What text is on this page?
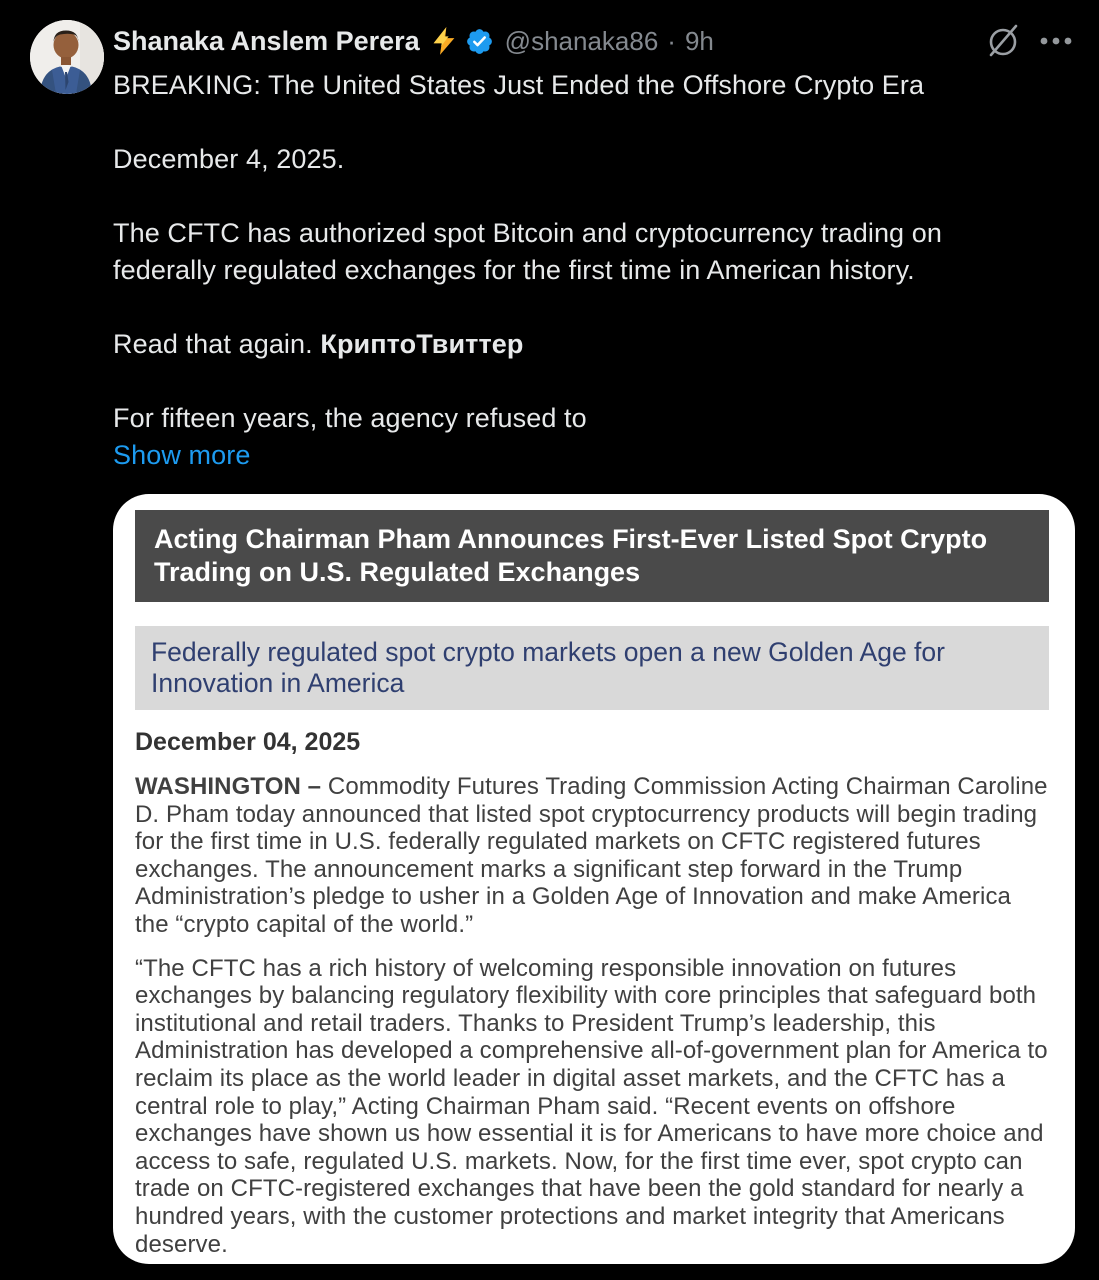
Shanaka Anslem Perera	@shanaka86 · 9h

BREAKING: The United States Just Ended the Offshore Crypto Era

December 4, 2025.

The CFTC has authorized spot Bitcoin and cryptocurrency trading on federally regulated exchanges for the first time in American history.

Read that again. КриптоТвиттер

For fifteen years, the agency refused to

Show more
Acting Chairman Pham Announces First-Ever Listed Spot Crypto Trading on U.S. Regulated Exchanges
Federally regulated spot crypto markets open a new Golden Age for Innovation in America
December 04, 2025

WASHINGTON – Commodity Futures Trading Commission Acting Chairman Caroline D. Pham today announced that listed spot cryptocurrency products will begin trading for the first time in U.S. federally regulated markets on CFTC registered futures exchanges. The announcement marks a significant step forward in the Trump Administration’s pledge to usher in a Golden Age of Innovation and make America the “crypto capital of the world.”

“The CFTC has a rich history of welcoming responsible innovation on futures exchanges by balancing regulatory flexibility with core principles that safeguard both institutional and retail traders. Thanks to President Trump’s leadership, this Administration has developed a comprehensive all-of-government plan for America to reclaim its place as the world leader in digital asset markets, and the CFTC has a central role to play,” Acting Chairman Pham said. “Recent events on offshore exchanges have shown us how essential it is for Americans to have more choice and access to safe, regulated U.S. markets. Now, for the first time ever, spot crypto can trade on CFTC-registered exchanges that have been the gold standard for nearly a hundred years, with the customer protections and market integrity that Americans deserve.
